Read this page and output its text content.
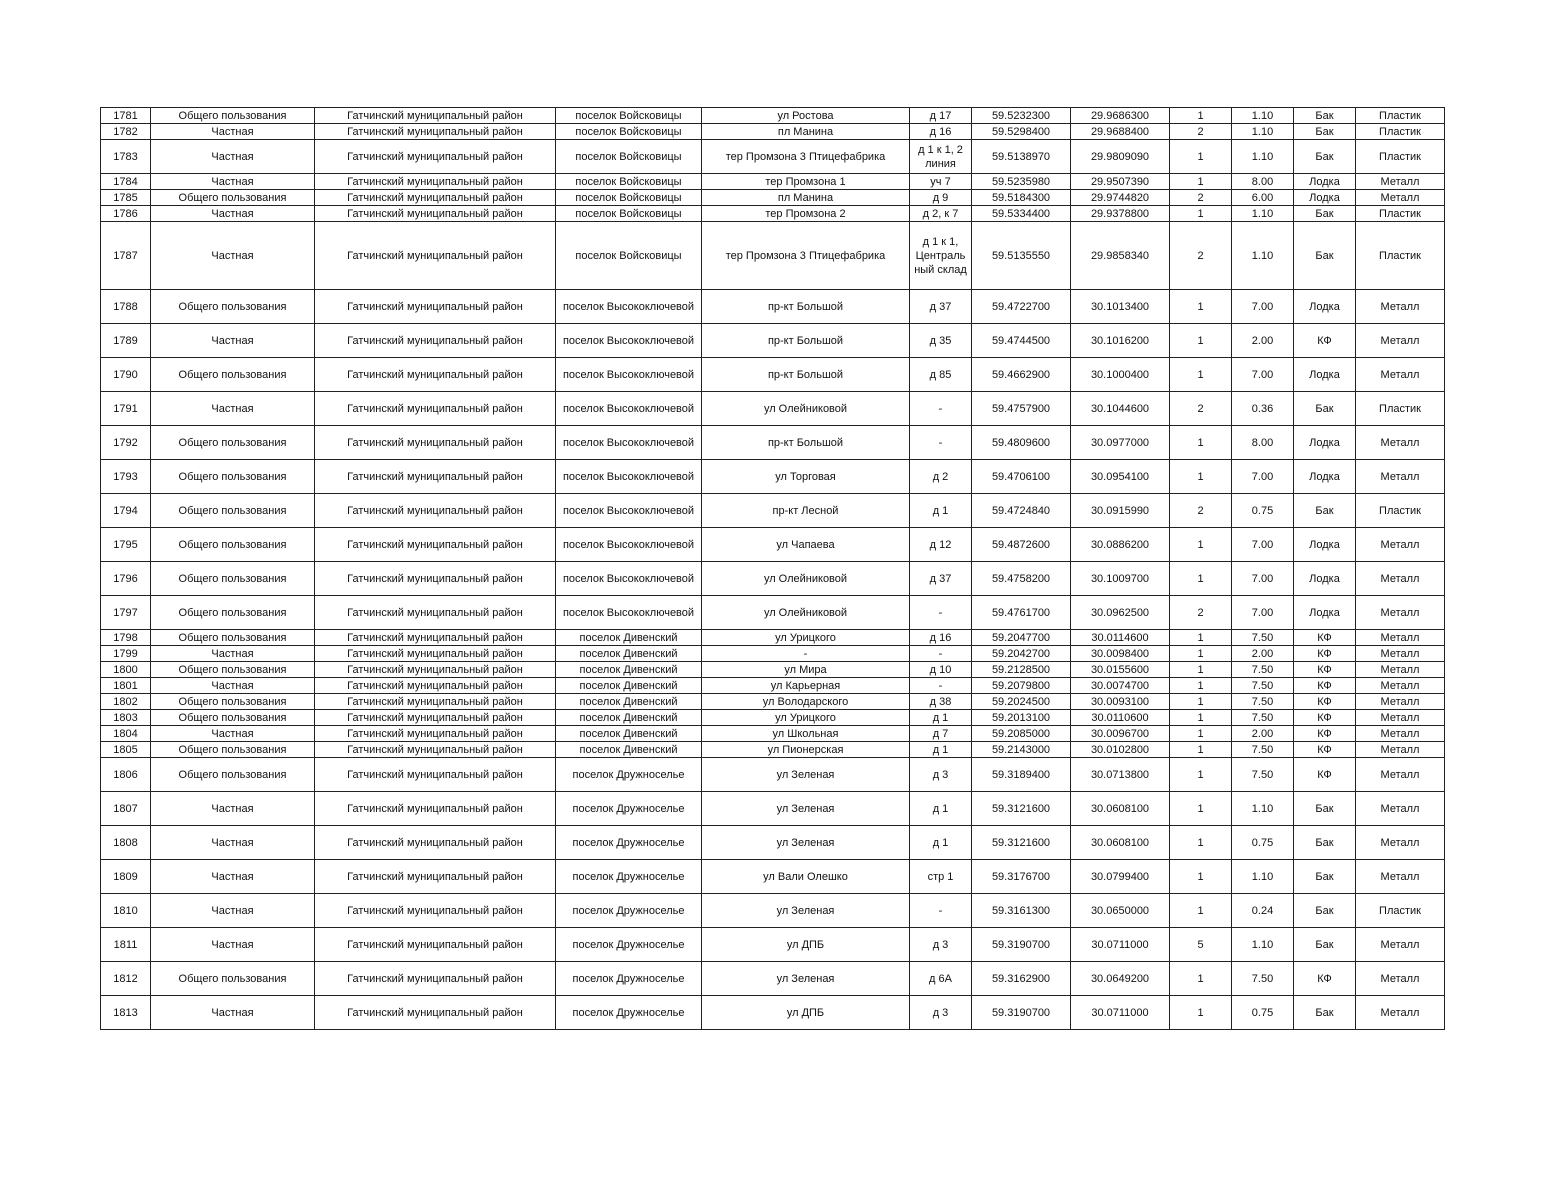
1781	Общего пользования	Гатчинский муниципальный район	поселок Войсковицы	ул Ростова	д 17	59.5232300	29.9686300	1	1.10	Бак	Пластик
1782	Частная	Гатчинский муниципальный район	поселок Войсковицы	пл Манина	д 16	59.5298400	29.9688400	2	1.10	Бак	Пластик
1783	Частная	Гатчинский муниципальный район	поселок Войсковицы	тер Промзона 3 Птицефабрика	д 1 к 1, 2 линия	59.5138970	29.9809090	1	1.10	Бак	Пластик
1784	Частная	Гатчинский муниципальный район	поселок Войсковицы	тер Промзона 1	уч 7	59.5235980	29.9507390	1	8.00	Лодка	Металл
1785	Общего пользования	Гатчинский муниципальный район	поселок Войсковицы	пл Манина	д 9	59.5184300	29.9744820	2	6.00	Лодка	Металл
1786	Частная	Гатчинский муниципальный район	поселок Войсковицы	тер Промзона 2	д 2, к 7	59.5334400	29.9378800	1	1.10	Бак	Пластик
1787	Частная	Гатчинский муниципальный район	поселок Войсковицы	тер Промзона 3 Птицефабрика	д 1 к 1, Централь ный склад	59.5135550	29.9858340	2	1.10	Бак	Пластик
1788	Общего пользования	Гатчинский муниципальный район	поселок Высокоключевой	пр-кт Большой	д 37	59.4722700	30.1013400	1	7.00	Лодка	Металл
1789	Частная	Гатчинский муниципальный район	поселок Высокоключевой	пр-кт Большой	д 35	59.4744500	30.1016200	1	2.00	КФ	Металл
1790	Общего пользования	Гатчинский муниципальный район	поселок Высокоключевой	пр-кт Большой	д 85	59.4662900	30.1000400	1	7.00	Лодка	Металл
1791	Частная	Гатчинский муниципальный район	поселок Высокоключевой	ул Олейниковой	-	59.4757900	30.1044600	2	0.36	Бак	Пластик
1792	Общего пользования	Гатчинский муниципальный район	поселок Высокоключевой	пр-кт Большой	-	59.4809600	30.0977000	1	8.00	Лодка	Металл
1793	Общего пользования	Гатчинский муниципальный район	поселок Высокоключевой	ул Торговая	д 2	59.4706100	30.0954100	1	7.00	Лодка	Металл
1794	Общего пользования	Гатчинский муниципальный район	поселок Высокоключевой	пр-кт Лесной	д 1	59.4724840	30.0915990	2	0.75	Бак	Пластик
1795	Общего пользования	Гатчинский муниципальный район	поселок Высокоключевой	ул Чапаева	д 12	59.4872600	30.0886200	1	7.00	Лодка	Металл
1796	Общего пользования	Гатчинский муниципальный район	поселок Высокоключевой	ул Олейниковой	д 37	59.4758200	30.1009700	1	7.00	Лодка	Металл
1797	Общего пользования	Гатчинский муниципальный район	поселок Высокоключевой	ул Олейниковой	-	59.4761700	30.0962500	2	7.00	Лодка	Металл
1798	Общего пользования	Гатчинский муниципальный район	поселок Дивенский	ул Урицкого	д 16	59.2047700	30.0114600	1	7.50	КФ	Металл
1799	Частная	Гатчинский муниципальный район	поселок Дивенский	-	-	59.2042700	30.0098400	1	2.00	КФ	Металл
1800	Общего пользования	Гатчинский муниципальный район	поселок Дивенский	ул Мира	д 10	59.2128500	30.0155600	1	7.50	КФ	Металл
1801	Частная	Гатчинский муниципальный район	поселок Дивенский	ул Карьерная	-	59.2079800	30.0074700	1	7.50	КФ	Металл
1802	Общего пользования	Гатчинский муниципальный район	поселок Дивенский	ул Володарского	д 38	59.2024500	30.0093100	1	7.50	КФ	Металл
1803	Общего пользования	Гатчинский муниципальный район	поселок Дивенский	ул Урицкого	д 1	59.2013100	30.0110600	1	7.50	КФ	Металл
1804	Частная	Гатчинский муниципальный район	поселок Дивенский	ул Школьная	д 7	59.2085000	30.0096700	1	2.00	КФ	Металл
1805	Общего пользования	Гатчинский муниципальный район	поселок Дивенский	ул Пионерская	д 1	59.2143000	30.0102800	1	7.50	КФ	Металл
1806	Общего пользования	Гатчинский муниципальный район	поселок Дружноселье	ул Зеленая	д 3	59.3189400	30.0713800	1	7.50	КФ	Металл
1807	Частная	Гатчинский муниципальный район	поселок Дружноселье	ул Зеленая	д 1	59.3121600	30.0608100	1	1.10	Бак	Металл
1808	Частная	Гатчинский муниципальный район	поселок Дружноселье	ул Зеленая	д 1	59.3121600	30.0608100	1	0.75	Бак	Металл
1809	Частная	Гатчинский муниципальный район	поселок Дружноселье	ул Вали Олешко	стр 1	59.3176700	30.0799400	1	1.10	Бак	Металл
1810	Частная	Гатчинский муниципальный район	поселок Дружноселье	ул Зеленая	-	59.3161300	30.0650000	1	0.24	Бак	Пластик
1811	Частная	Гатчинский муниципальный район	поселок Дружноселье	ул ДПБ	д 3	59.3190700	30.0711000	5	1.10	Бак	Металл
1812	Общего пользования	Гатчинский муниципальный район	поселок Дружноселье	ул Зеленая	д 6А	59.3162900	30.0649200	1	7.50	КФ	Металл
1813	Частная	Гатчинский муниципальный район	поселок Дружноселье	ул ДПБ	д 3	59.3190700	30.0711000	1	0.75	Бак	Металл
